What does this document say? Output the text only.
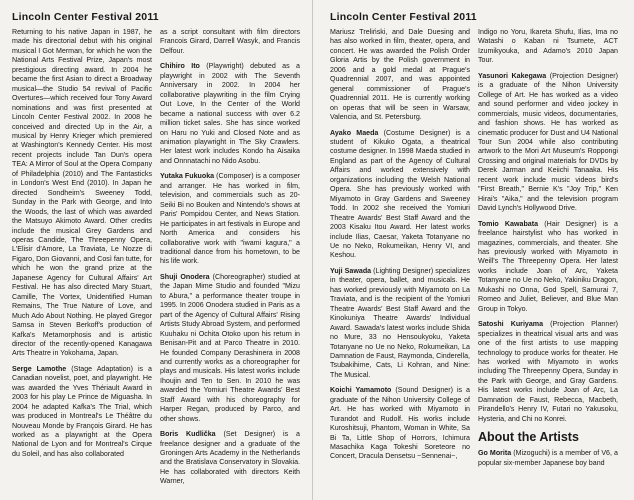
Lincoln Center Festival 2011

Returning to his native Japan in 1987, he made his directorial debut with his original musical I Got Merman, for which he won the National Arts Festival Prize, Japan's most prestigious directing award. In 2004 he became the first Asian to direct a Broadway musical—the Studio 54 revival of Pacific Overtures—which received four Tony Award nominations and was first presented at Lincoln Center Festival 2002. In 2008 he conceived and directed Up in the Air, a musical by Henry Krieger which premiered at Washington's Kennedy Center. His most recent projects include Tan Dun's opera TEA: A Mirror of Soul at the Opera Company of Philadelphia (2010) and The Fantasticks in London's West End (2010). In Japan he directed Sondheim's Sweeney Todd, Sunday in the Park with George, and Into the Woods, the last of which was awarded the Matsuyo Akimoto Award. Other credits include the musical Grey Gardens and operas Candide, The Threepenny Opera, L'Elisir d'Amore, La Traviata, Le Nozze di Figaro, Don Giovanni, and Così fan tutte, for which he won the grand prize at the Japanese Agency for Cultural Affairs' Art Festival. He has also directed Mary Stuart, Camille, The Vortex, Unidentified Human Remains, The True Nature of Love, and Much Ado About Nothing. He played Gregor Samsa in Steven Berkoff's production of Kafka's Metamorphosis and is artistic director of the recently-opened Kanagawa Arts Theatre in Yokohama, Japan.

Serge Lamothe (Stage Adaptation) is a Canadian novelist, poet, and playwright. He was awarded the Yves Thériault Award in 2003 for his play Le Prince de Miguasha. In 2004 he adapted Kafka's The Trial, which was produced in Montreal's Le Théâtre du Nouveau Monde by François Girard. He has worked as a playwright at the Opera National de Lyon and for Montreal's Cirque du Soleil, and has also collaborated

as a script consultant with film directors Francois Girard, Darrell Wasyk, and Francis Delfour.

Chihiro Ito (Playwright) debuted as a playwright in 2002 with The Seventh Anniversary in 2002. In 2004 her collaborative playwriting in the film Crying Out Love, In the Center of the World became a national success with over 6.2 million ticket sales. She has since worked on Haru no Yuki and Closed Note and as animation playwright in The Sky Crawlers. Her latest work includes Kondo ha Aisaika and Onnnatachi no Nido Asobu.

Yutaka Fukuoka (Composer) is a composer and arranger. He has worked in film, television, and commercials such as 20-Seiki Bi no Bouken and Nintendo's shows at Paris' Pompidou Center, and News Station. He participates in art festivals in Europe and North America and considers his collaborative work with "iwami kagura," a traditional dance from his hometown, to be his life work.

Shuji Onodera (Choreographer) studied at the Japan Mime Studio and founded "Mizu to Abura," a performance theater troupe in 1995. In 2006 Onodera studied in Paris as a part of the Agency of Cultural Affairs' Rising Artists Study Abroad System, and performed Kuuhaku ni Ochita Otoko upon his return in Benisan-Pit and at Parco Theatre in 2010. He founded Company Derashinera in 2008 and currently works as a choreographer for plays and musicals. His latest works include Ihoujin and Ten to Sen. In 2010 he was awarded the Yomiuri Theatre Awards' Best Staff Award with his choreography for Harper Regan, produced by Parco, and other shows.

Boris Kudlička (Set Designer) is a freelance designer and a graduate of the Groningen Arts Academy in the Netherlands and the Bratislava Conservatory in Slovakia. He has collaborated with directors Keith Warner,

Lincoln Center Festival 2011

Mariusz Treliński, and Dale Duesing and has also worked in film, theater, opera, and concert. He was awarded the Polish Order Gloria Artis by the Polish government in 2006 and a gold medal at Prague's Quadrennial 2007, and was appointed general commissioner of Prague's Quadrennial 2011. He is currently working on operas that will be seen in Warsaw, Valencia, and St. Petersburg.

Ayako Maeda (Costume Designer) is a student of Kikuko Ogata, a theatrical costume designer. In 1998 Maeda studied in England as part of the Agency of Cultural Affairs and worked extensively with organizations including the Welsh National Opera. She has previously worked with Miyamoto in Gray Gardens and Sweeney Todd. In 2002 she received the Yomiuri Theatre Awards' Best Staff Award and the 2003 Kisaku Itou Award. Her latest works include Ilias, Caesar, Yaketa Totanyane no Ue no Neko, Rokumeikan, Henry VI, and Keshou.

Yuji Sawada (Lighting Designer) specializes in theater, opera, ballet, and musicals. He has worked previously with Miyamoto on La Traviata, and is the recipient of the Yomiuri Theatre Awards' Best Staff Award and the Kinokuniya Theatre Awards' Individual Award. Sawada's latest works include Shida no Mure, 33 no Hensoukyoku, Yaketa Totanyane no Ue no Neko, Rokumeikan, La Damnation de Faust, Raymonda, Cinderella, Tsubakihime, Cats, Li Kohran, and Nine: The Musical.

Koichi Yamamoto (Sound Designer) is a graduate of the Nihon University College of Art. He has worked with Miyamoto in Turandot and Rudolf. His works include Kuroshitsuji, Phantom, Woman in White, Sa Bi Ta, Little Shop of Horrors, Ichimura Masachika Kaga Tokeshi Soreteore no Concert, Dracula Densetsu ~Sennenai~,

Indigo no Yoru, Ikareta Shufu, Ilias, Ima no Watashi o Kaban ni Tsumete, ACT Izumikyouka, and Adamo's 2010 Japan Tour.

Yasunori Kakegawa (Projection Designer) is a graduate of the Nihon University College of Art. He has worked as a video and sound performer and video jockey in commercials, music videos, documentaries, and fashion shows. He has worked as cinematic producer for Dust and U4 National Tour Sun 2004 while also contributing artwork to the Mori Art Museum's Roppongi Crossing and original materials for DVDs by Derek Jarman and Keiichi Tanaaka. His recent work include music videos bird's "First Breath," Bernie K's "Joy Trip," Ken Hirai's "Aika," and the television program David Lynch's Hollywood Drive.

Tomio Kawabata (Hair Designer) is a freelance hairstylist who has worked in magazines, commercials, and theater. She has previously worked with Miyamoto in Weill's The Threepenny Opera. Her latest works include Joan of Arc, Yaketa Totanyane no Ue no Neko, Yakiniku Dragon, Mukashi no Onna, God Spell, Samurai 7, Romeo and Juliet, Believer, and Blue Man Group in Tokyo.

Satoshi Kuriyama (Projection Planner) specializes in theatrical visual arts and was one of the first artists to use mapping technology to produce works for theater. He has worked with Miyamoto in works including The Threepenny Opera, Sunday in the Park with George, and Gray Gardens. His latest works include Joan of Arc, La Damnation de Faust, Rebecca, Macbeth, Pirandello's Henry IV, Futari no Yakusoku, Hysteria, and Chi no Konrei.

About the Artists

Go Morita (Mizoguchi) is a member of V6, a popular six-member Japanese boy band
